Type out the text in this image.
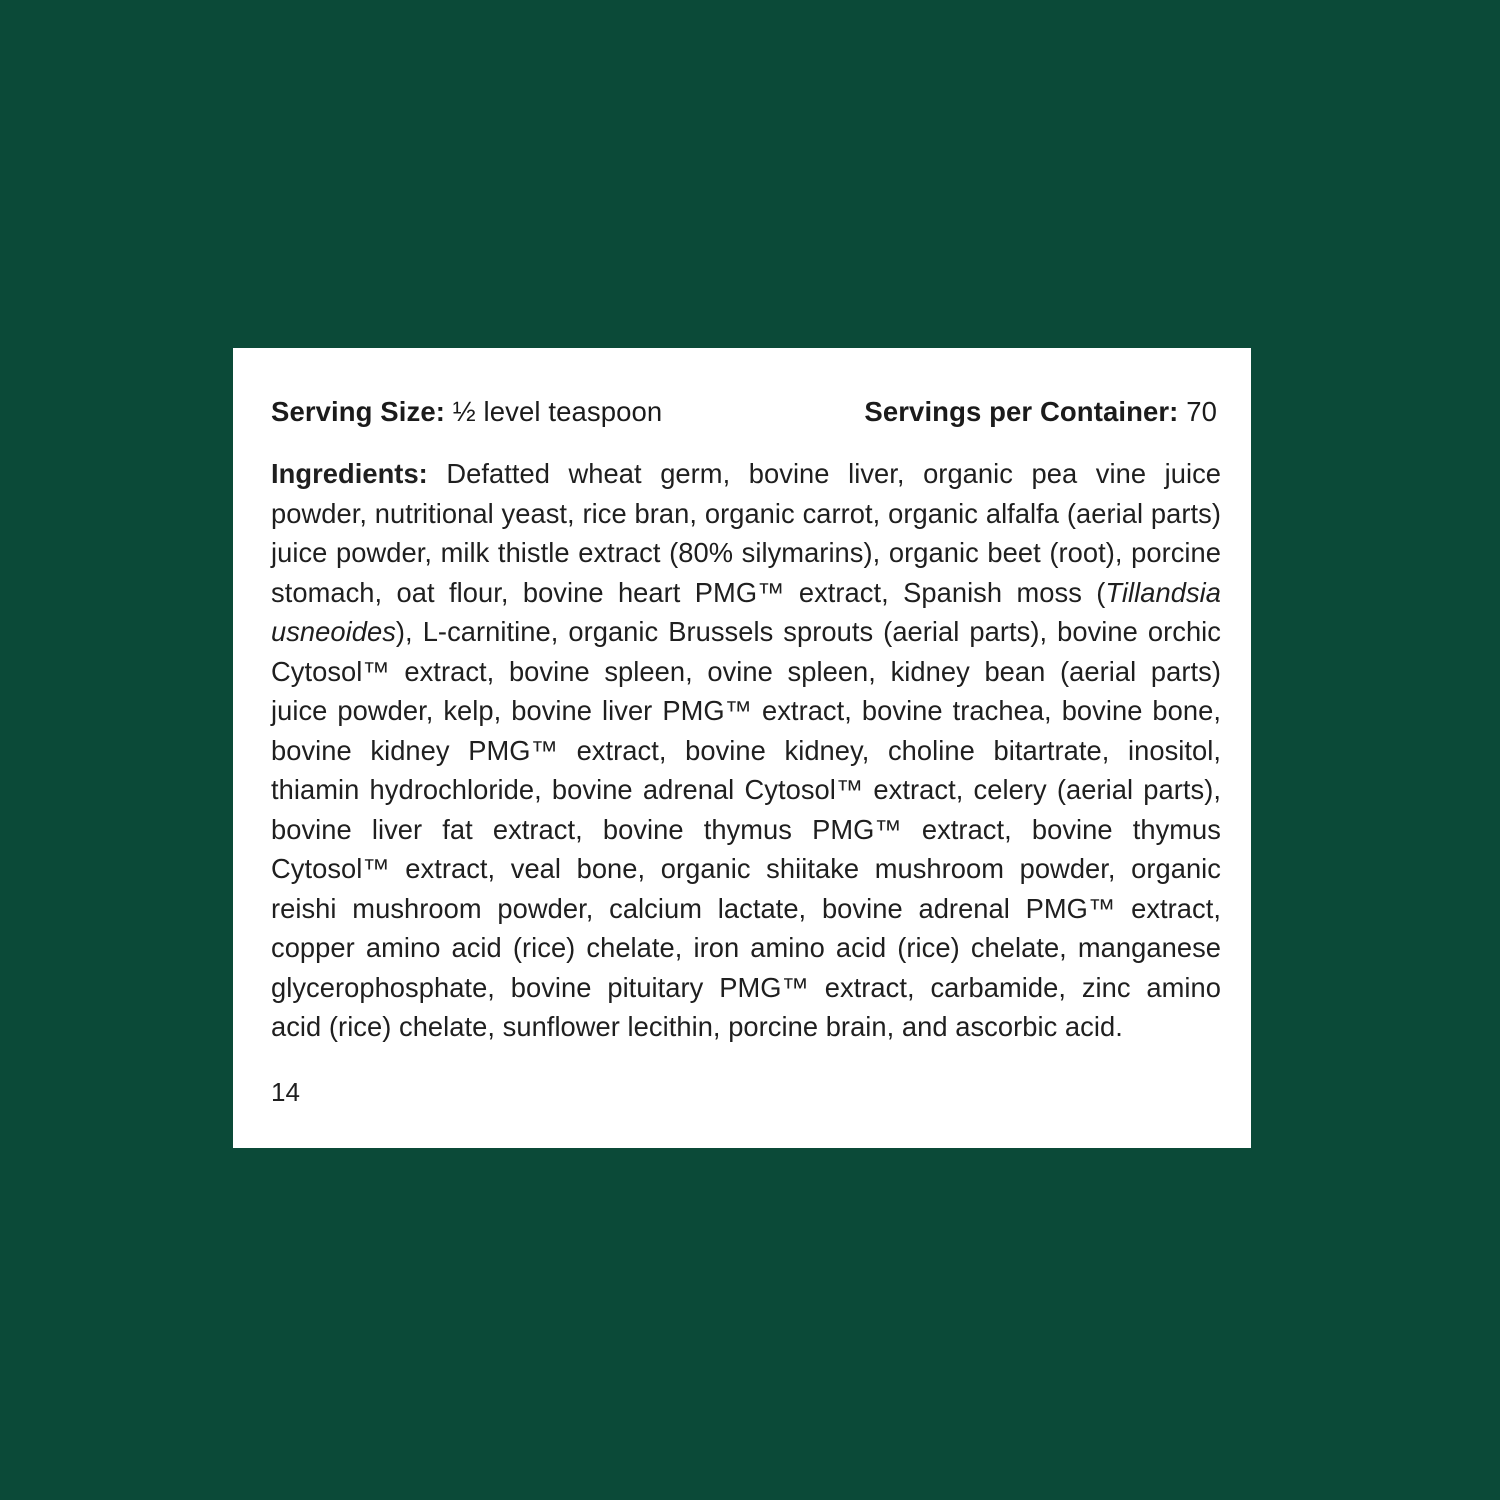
Serving Size: ½ level teaspoon	Servings per Container: 70
Ingredients: Defatted wheat germ, bovine liver, organic pea vine juice powder, nutritional yeast, rice bran, organic carrot, organic alfalfa (aerial parts) juice powder, milk thistle extract (80% silymarins), organic beet (root), porcine stomach, oat flour, bovine heart PMG™ extract, Spanish moss (Tillandsia usneoides), L-carnitine, organic Brussels sprouts (aerial parts), bovine orchic Cytosol™ extract, bovine spleen, ovine spleen, kidney bean (aerial parts) juice powder, kelp, bovine liver PMG™ extract, bovine trachea, bovine bone, bovine kidney PMG™ extract, bovine kidney, choline bitartrate, inositol, thiamin hydrochloride, bovine adrenal Cytosol™ extract, celery (aerial parts), bovine liver fat extract, bovine thymus PMG™ extract, bovine thymus Cytosol™ extract, veal bone, organic shiitake mushroom powder, organic reishi mushroom powder, calcium lactate, bovine adrenal PMG™ extract, copper amino acid (rice) chelate, iron amino acid (rice) chelate, manganese glycerophosphate, bovine pituitary PMG™ extract, carbamide, zinc amino acid (rice) chelate, sunflower lecithin, porcine brain, and ascorbic acid.
14
